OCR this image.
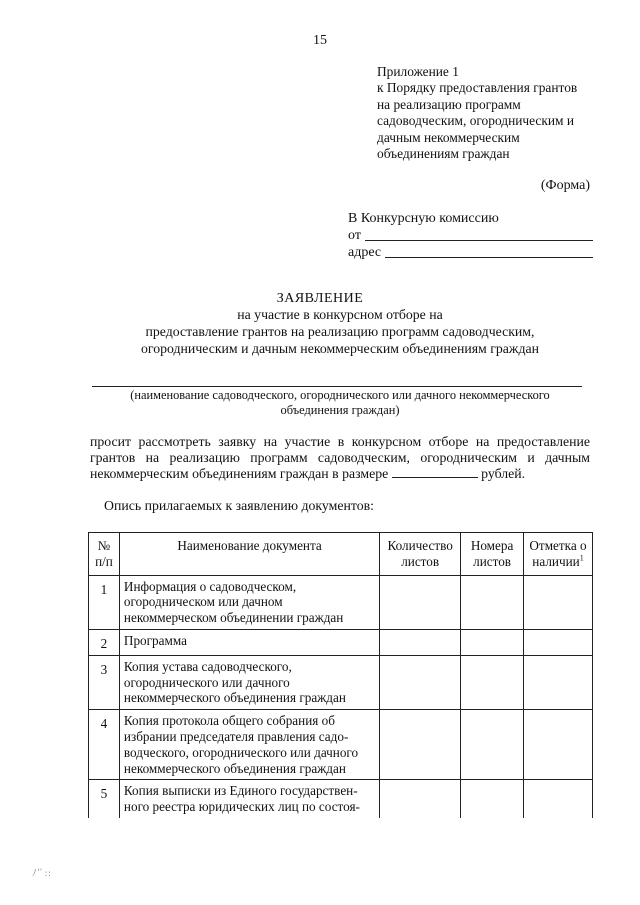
15
Приложение 1
к Порядку предоставления грантов
на реализацию программ
садоводческим, огородническим и
дачным некоммерческим
объединениям граждан
(Форма)
В Конкурсную комиссию
от
адрес
ЗАЯВЛЕНИЕ
на участие в конкурсном отборе на
предоставление грантов на реализацию программ садоводческим,
огородническим и дачным некоммерческим объединениям граждан
(наименование садоводческого, огороднического или дачного некоммерческого
объединения граждан)
просит рассмотреть заявку на участие в конкурсном отборе на предоставление грантов на реализацию программ садоводческим, огородническим и дачным некоммерческим объединениям граждан в размере	рублей.
Опись прилагаемых к заявлению документов:
№ п/п	Наименование документа	Количество листов	Номера листов	Отметка о наличии$^1$
1	Информация о садоводческом, огородническом или дачном некоммерческом объединении граждан			
2	Программа			
3	Копия устава садоводческого, огороднического или дачного некоммерческого объединения граждан			
4	Копия протокола общего собрания об избрании председателя правления садо-водческого, огороднического или дачного некоммерческого объединения граждан			
5	Копия выписки из Единого государствен-ного реестра юридических лиц по состоя-			
ﾉ'ﾞ::
